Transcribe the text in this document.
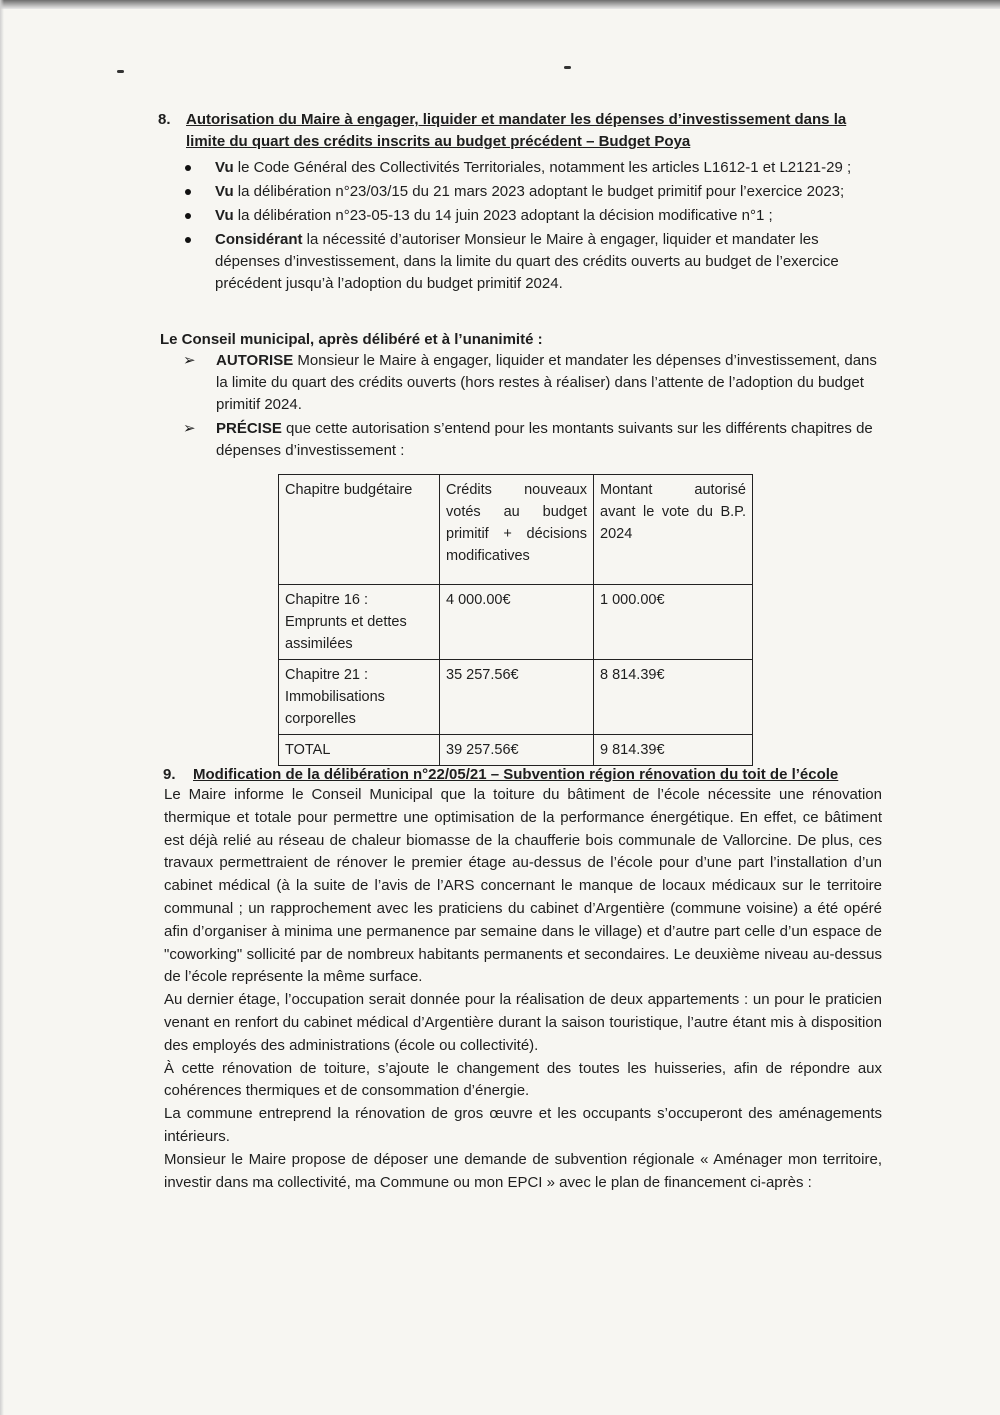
8. Autorisation du Maire à engager, liquider et mandater les dépenses d’investissement dans la limite du quart des crédits inscrits au budget précédent – Budget Poya
Vu le Code Général des Collectivités Territoriales, notamment les articles L1612-1 et L2121-29 ;
Vu la délibération n°23/03/15 du 21 mars 2023 adoptant le budget primitif pour l’exercice 2023;
Vu la délibération n°23-05-13 du 14 juin 2023 adoptant la décision modificative n°1 ;
Considérant la nécessité d’autoriser Monsieur le Maire à engager, liquider et mandater les dépenses d’investissement, dans la limite du quart des crédits ouverts au budget de l’exercice précédent jusqu’à l’adoption du budget primitif 2024.
Le Conseil municipal, après délibéré et à l’unanimité :
➢ AUTORISE Monsieur le Maire à engager, liquider et mandater les dépenses d’investissement, dans la limite du quart des crédits ouverts (hors restes à réaliser) dans l’attente de l’adoption du budget primitif 2024.
➢ PRÉCISE que cette autorisation s’entend pour les montants suivants sur les différents chapitres de dépenses d’investissement :
Chapitre budgétaire	Crédits nouveaux votés au budget primitif + décisions modificatives	Montant autorisé avant le vote du B.P. 2024
Chapitre 16 : Emprunts et dettes assimilées	4 000.00€	1 000.00€
Chapitre 21 : Immobilisations corporelles	35 257.56€	8 814.39€
TOTAL	39 257.56€	9 814.39€
9. Modification de la délibération n°22/05/21 – Subvention région rénovation du toit de l’école

Le Maire informe le Conseil Municipal que la toiture du bâtiment de l’école nécessite une rénovation thermique et totale pour permettre une optimisation de la performance énergétique. En effet, ce bâtiment est déjà relié au réseau de chaleur biomasse de la chaufferie bois communale de Vallorcine. De plus, ces travaux permettraient de rénover le premier étage au-dessus de l’école pour d’une part l’installation d’un cabinet médical (à la suite de l’avis de l’ARS concernant le manque de locaux médicaux sur le territoire communal ; un rapprochement avec les praticiens du cabinet d’Argentière (commune voisine) a été opéré afin d’organiser à minima une permanence par semaine dans le village) et d’autre part celle d’un espace de "coworking" sollicité par de nombreux habitants permanents et secondaires. Le deuxième niveau au-dessus de l’école représente la même surface.

Au dernier étage, l’occupation serait donnée pour la réalisation de deux appartements : un pour le praticien venant en renfort du cabinet médical d’Argentière durant la saison touristique, l’autre étant mis à disposition des employés des administrations (école ou collectivité).

À cette rénovation de toiture, s’ajoute le changement des toutes les huisseries, afin de répondre aux cohérences thermiques et de consommation d’énergie.

La commune entreprend la rénovation de gros œuvre et les occupants s’occuperont des aménagements intérieurs.

Monsieur le Maire propose de déposer une demande de subvention régionale « Aménager mon territoire, investir dans ma collectivité, ma Commune ou mon EPCI » avec le plan de financement ci-après :
